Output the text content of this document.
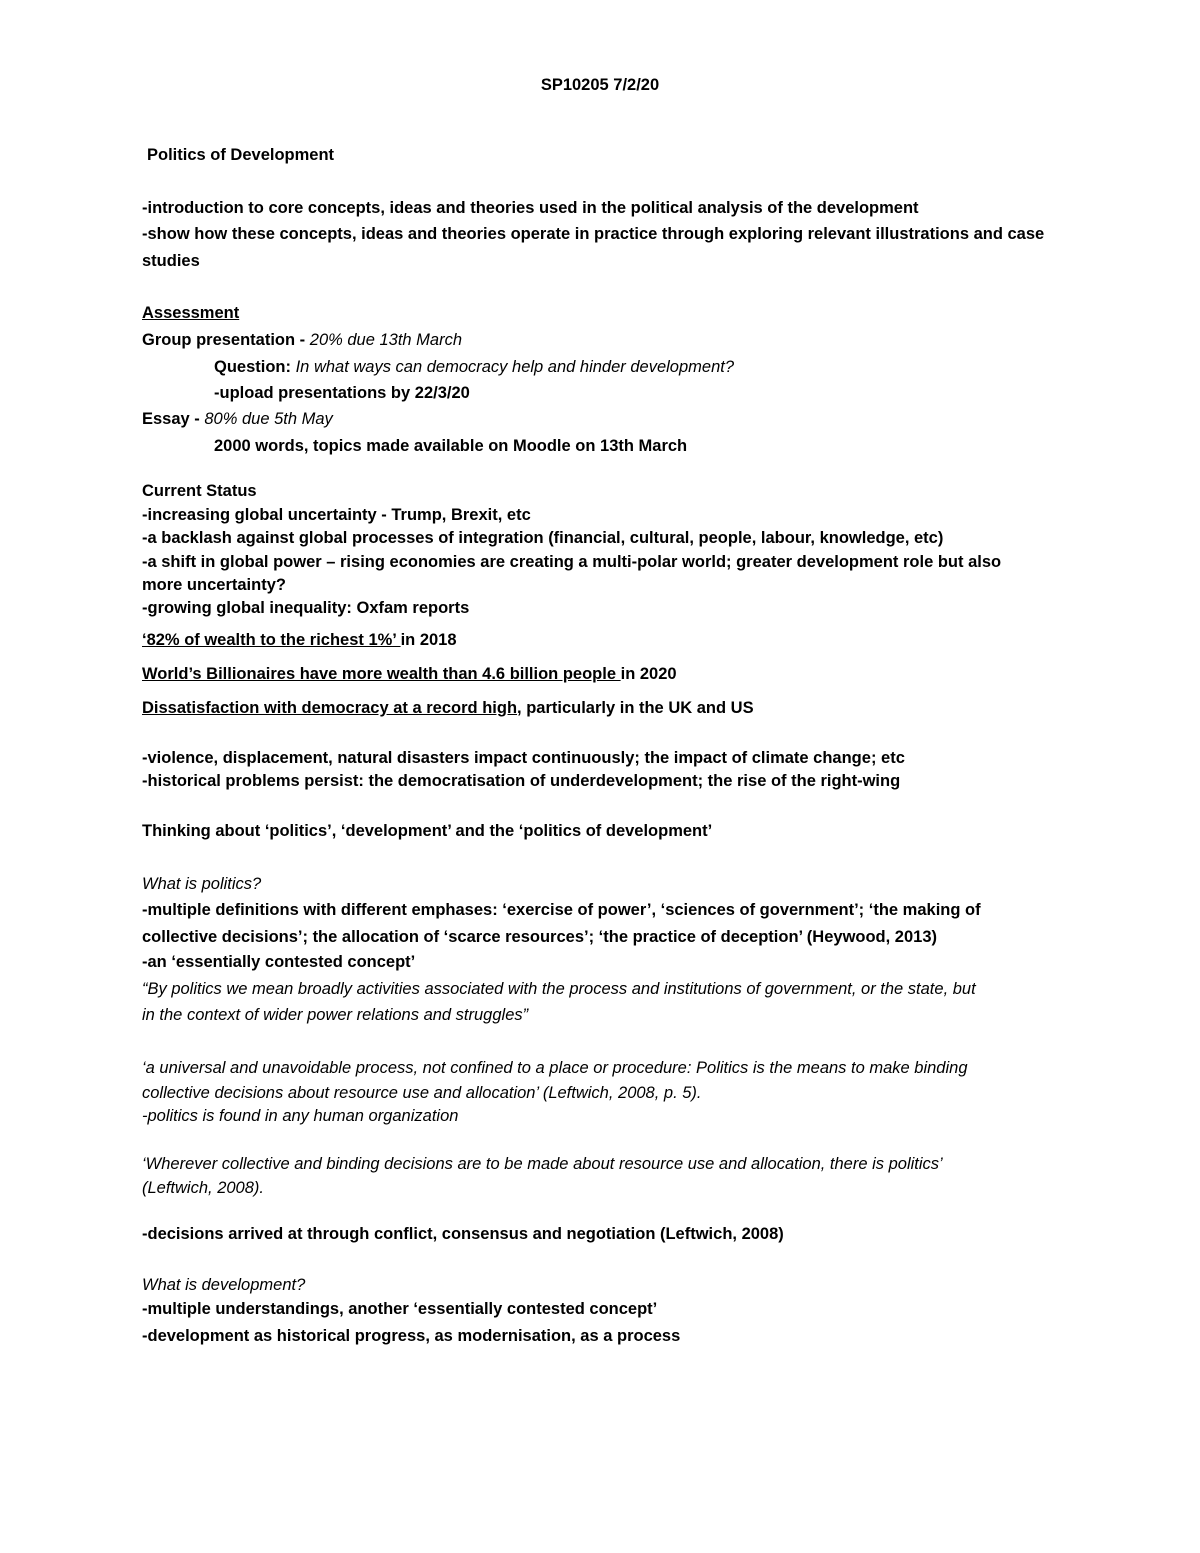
SP10205 7/2/20
Politics of Development
-introduction to core concepts, ideas and theories used in the political analysis of the development
-show how these concepts, ideas and theories operate in practice through exploring relevant illustrations and case
studies
Assessment
Group presentation - 20% due 13th March
Question: In what ways can democracy help and hinder development?
-upload presentations by 22/3/20
Essay - 80% due 5th May
2000 words, topics made available on Moodle on 13th March
Current Status
-increasing global uncertainty - Trump, Brexit, etc
-a backlash against global processes of integration (financial, cultural, people, labour, knowledge, etc)
-a shift in global power – rising economies are creating a multi-polar world; greater development role but also
more uncertainty?
-growing global inequality: Oxfam reports
‘82% of wealth to the richest 1%’ in 2018
World’s Billionaires have more wealth than 4.6 billion people in 2020
Dissatisfaction with democracy at a record high, particularly in the UK and US
-violence, displacement, natural disasters impact continuously; the impact of climate change; etc
-historical problems persist: the democratisation of underdevelopment; the rise of the right-wing
Thinking about ‘politics’, ‘development’ and the ‘politics of development’
What is politics?
-multiple definitions with different emphases: ‘exercise of power’, ‘sciences of government’; ‘the making of
collective decisions’; the allocation of ‘scarce resources’; ‘the practice of deception’ (Heywood, 2013)
-an ‘essentially contested concept’
“By politics we mean broadly activities associated with the process and institutions of government, or the state, but
in the context of wider power relations and struggles”
‘a universal and unavoidable process, not confined to a place or procedure: Politics is the means to make binding
collective decisions about resource use and allocation’ (Leftwich, 2008, p. 5).
-politics is found in any human organization
‘Wherever collective and binding decisions are to be made about resource use and allocation, there is politics’
(Leftwich, 2008).
-decisions arrived at through conflict, consensus and negotiation (Leftwich, 2008)
What is development?
-multiple understandings, another ‘essentially contested concept’
-development as historical progress, as modernisation, as a process
